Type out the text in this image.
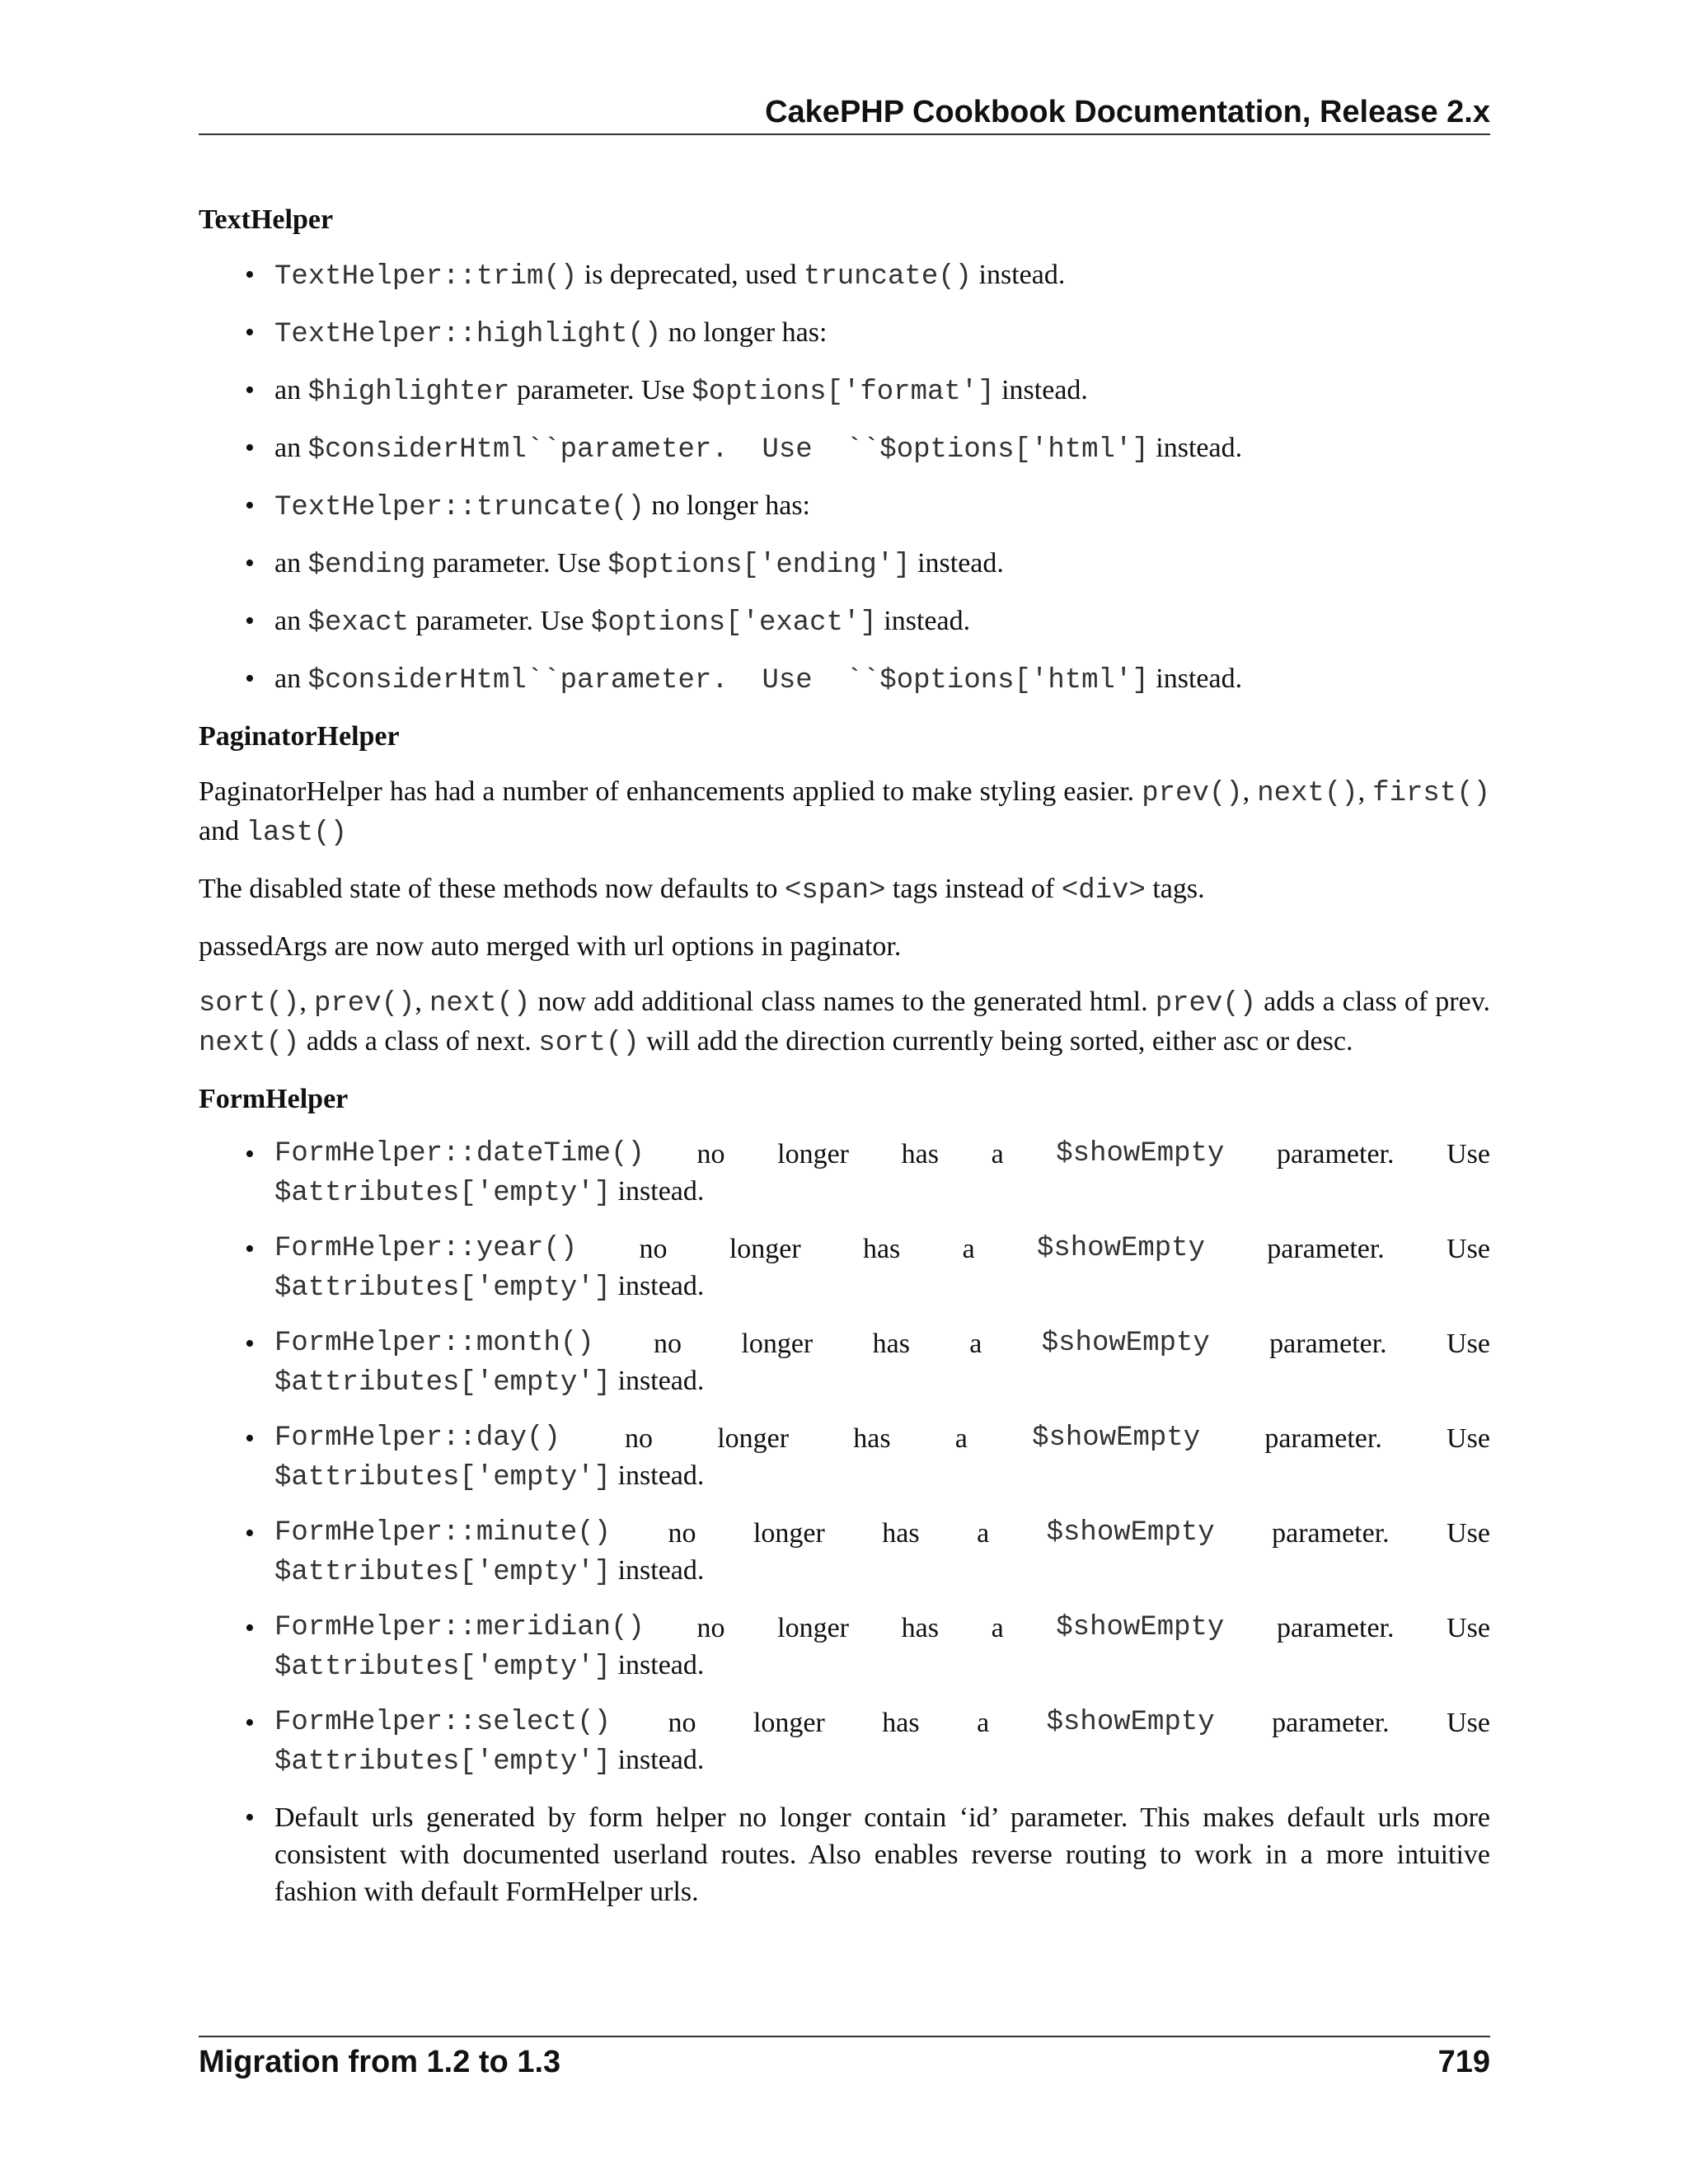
CakePHP Cookbook Documentation, Release 2.x
TextHelper
• TextHelper::trim() is deprecated, used truncate() instead.
• TextHelper::highlight() no longer has:
• an $highlighter parameter. Use $options['format'] instead.
• an $considerHtml``parameter.  Use  ``$options['html'] instead.
• TextHelper::truncate() no longer has:
• an $ending parameter. Use $options['ending'] instead.
• an $exact parameter. Use $options['exact'] instead.
• an $considerHtml``parameter.  Use  ``$options['html'] instead.
PaginatorHelper

PaginatorHelper has had a number of enhancements applied to make styling easier. prev(), next(), first() and last()

The disabled state of these methods now defaults to <span> tags instead of <div> tags.

passedArgs are now auto merged with url options in paginator.

sort(), prev(), next() now add additional class names to the generated html. prev() adds a class of prev. next() adds a class of next. sort() will add the direction currently being sorted, either asc or desc.

FormHelper
• FormHelper::dateTime() no longer has a $showEmpty parameter. Use
$attributes['empty'] instead.
• FormHelper::year() no longer has a $showEmpty parameter. Use
$attributes['empty'] instead.
• FormHelper::month() no longer has a $showEmpty parameter. Use
$attributes['empty'] instead.
• FormHelper::day() no longer has a $showEmpty parameter. Use
$attributes['empty'] instead.
• FormHelper::minute() no longer has a $showEmpty parameter. Use
$attributes['empty'] instead.
• FormHelper::meridian() no longer has a $showEmpty parameter. Use
$attributes['empty'] instead.
• FormHelper::select() no longer has a $showEmpty parameter. Use
$attributes['empty'] instead.
• Default urls generated by form helper no longer contain ‘id’ parameter. This makes default urls more consistent with documented userland routes. Also enables reverse routing to work in a more intuitive fashion with default FormHelper urls.
Migration from 1.2 to 1.3	719
